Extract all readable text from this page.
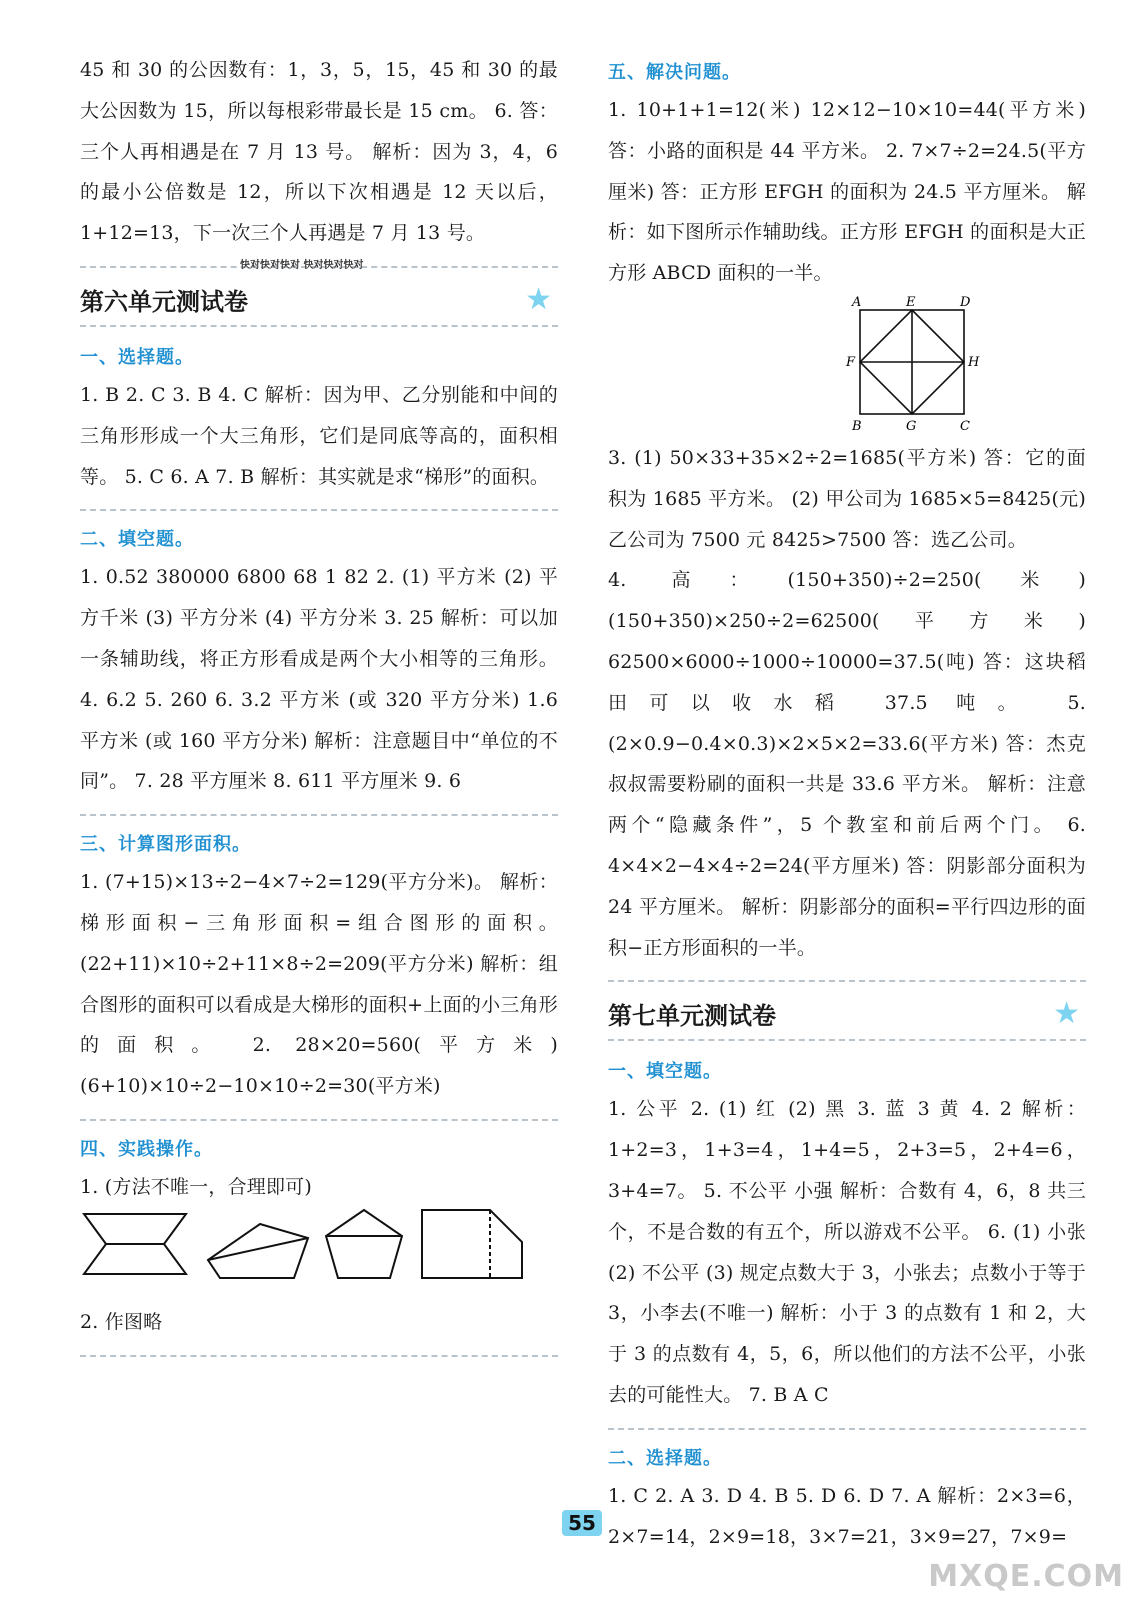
45 和 30 的公因数有：1，3，5，15，45 和 30 的最大公因数为 15，所以每根彩带最长是 15 cm。 6. 答：三个人再相遇是在 7 月 13 号。 解析：因为 3，4，6 的最小公倍数是 12，所以下次相遇是 12 天以后，1+12=13，下一次三个人再遇是 7 月 13 号。

第六单元测试卷
快对快对快对 快对快对快对
★
一、选择题。

1. B 2. C 3. B 4. C 解析：因为甲、乙分别能和中间的三角形形成一个大三角形，它们是同底等高的，面积相等。 5. C 6. A 7. B 解析：其实就是求“梯形”的面积。

二、填空题。

1. 0.52 380000 6800 68 1 82 2. (1) 平方米 (2) 平方千米 (3) 平方分米 (4) 平方分米 3. 25 解析：可以加一条辅助线，将正方形看成是两个大小相等的三角形。 4. 6.2 5. 260 6. 3.2 平方米 (或 320 平方分米) 1.6 平方米 (或 160 平方分米) 解析：注意题目中“单位的不同”。 7. 28 平方厘米 8. 611 平方厘米 9. 6

三、计算图形面积。

1. (7+15)×13÷2−4×7÷2=129(平方分米)。 解析：梯形面积−三角形面积=组合图形的面积。 (22+11)×10÷2+11×8÷2=209(平方分米) 解析：组合图形的面积可以看成是大梯形的面积+上面的小三角形的面积。 2. 28×20=560(平方米) (6+10)×10÷2−10×10÷2=30(平方米)

四、实践操作。

1. (方法不唯一，合理即可)

2. 作图略

五、解决问题。

1. 10+1+1=12(米) 12×12−10×10=44(平方米) 答：小路的面积是 44 平方米。 2. 7×7÷2=24.5(平方厘米) 答：正方形 EFGH 的面积为 24.5 平方厘米。 解析：如下图所示作辅助线。正方形 EFGH 的面积是大正方形 ABCD 面积的一半。

A	E	D
F	H
B	G	C

3. (1) 50×33+35×2÷2=1685(平方米) 答：它的面积为 1685 平方米。 (2) 甲公司为 1685×5=8425(元) 乙公司为 7500 元 8425>7500 答：选乙公司。

4. 高：(150+350)÷2=250(米) (150+350)×250÷2=62500(平方米) 62500×6000÷1000÷10000=37.5(吨) 答：这块稻田可以收水稻 37.5 吨。 5. (2×0.9−0.4×0.3)×2×5×2=33.6(平方米) 答：杰克叔叔需要粉刷的面积一共是 33.6 平方米。 解析：注意两个“隐藏条件”，5 个教室和前后两个门。 6. 4×4×2−4×4÷2=24(平方厘米) 答：阴影部分面积为 24 平方厘米。 解析：阴影部分的面积=平行四边形的面积−正方形面积的一半。

第七单元测试卷	★
一、填空题。

1. 公平 2. (1) 红 (2) 黑 3. 蓝 3 黄 4. 2 解析：1+2=3，1+3=4，1+4=5，2+3=5，2+4=6，3+4=7。 5. 不公平 小强 解析：合数有 4，6，8 共三个，不是合数的有五个，所以游戏不公平。 6. (1) 小张 (2) 不公平 (3) 规定点数大于 3，小张去；点数小于等于 3，小李去(不唯一) 解析：小于 3 的点数有 1 和 2，大于 3 的点数有 4，5，6，所以他们的方法不公平，小张去的可能性大。 7. B A C

二、选择题。

1. C 2. A 3. D 4. B 5. D 6. D 7. A 解析：2×3=6，2×7=14，2×9=18，3×7=21，3×9=27，7×9=

55
MXQE.COM
